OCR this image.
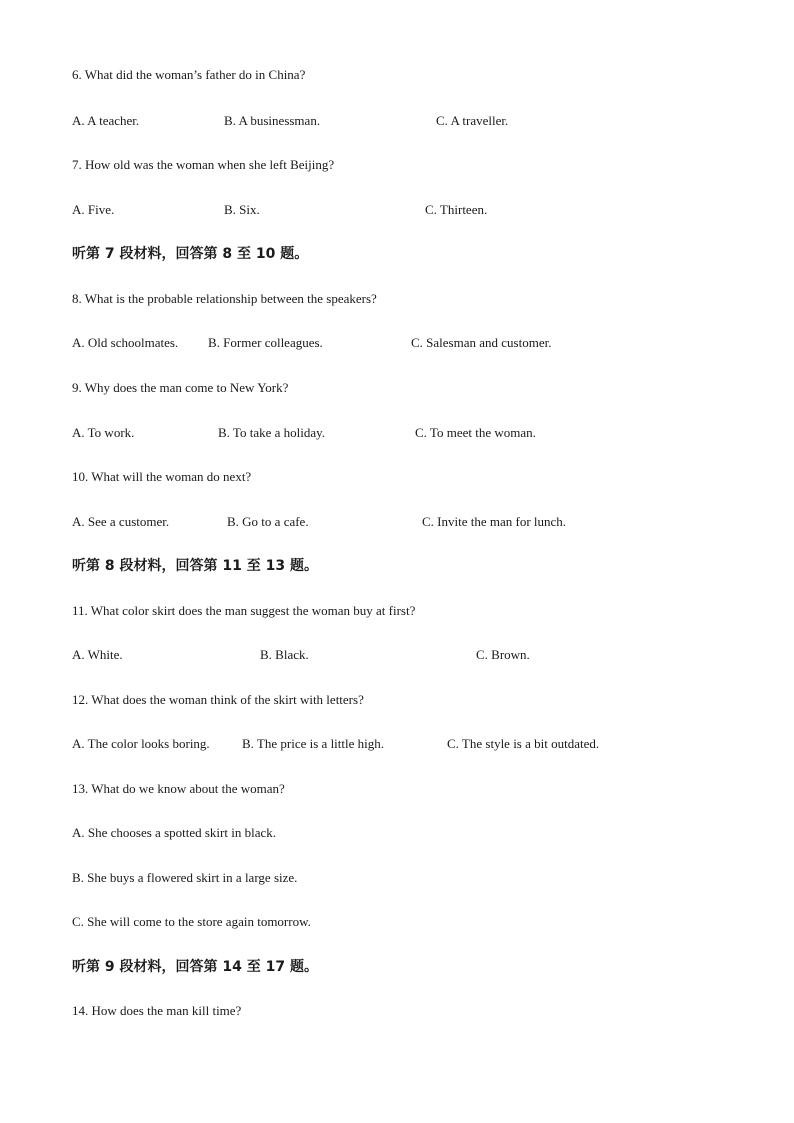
6. What did the woman’s father do in China?
A. A teacher.	B. A businessman.	C. A traveller.
7. How old was the woman when she left Beijing?
A. Five.	B. Six.	C. Thirteen.
听第 7 段材料，回答第 8 至 10 题。
8. What is the probable relationship between the speakers?
A. Old schoolmates. B. Former colleagues.	C. Salesman and customer.
9. Why does the man come to New York?
A. To work.	B. To take a holiday.	C. To meet the woman.
10. What will the woman do next?
A. See a customer.	B. Go to a cafe.	C. Invite the man for lunch.
听第 8 段材料，回答第 11 至 13 题。
11. What color skirt does the man suggest the woman buy at first?
A. White.	B. Black.	C. Brown.
12. What does the woman think of the skirt with letters?
A. The color looks boring. B. The price is a little high.	C. The style is a bit outdated.
13. What do we know about the woman?
A. She chooses a spotted skirt in black.
B. She buys a flowered skirt in a large size.
C. She will come to the store again tomorrow.
听第 9 段材料，回答第 14 至 17 题。
14. How does the man kill time?
